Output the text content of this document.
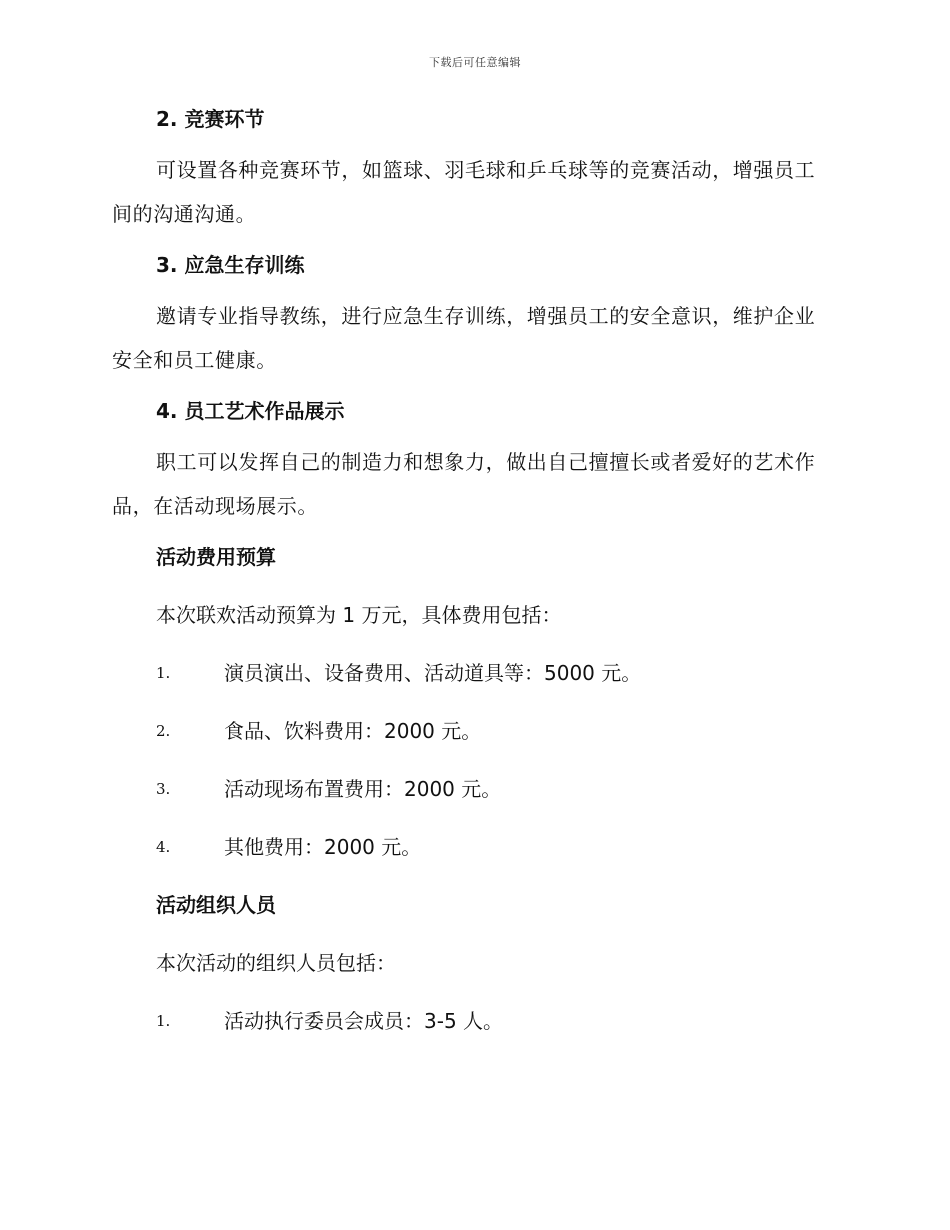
下载后可任意编辑
2. 竞赛环节

可设置各种竞赛环节，如篮球、羽毛球和乒乓球等的竞赛活动，增强员工间的沟通沟通。

3. 应急生存训练

邀请专业指导教练，进行应急生存训练，增强员工的安全意识，维护企业安全和员工健康。

4. 员工艺术作品展示

职工可以发挥自己的制造力和想象力，做出自己擅擅长或者爱好的艺术作品，在活动现场展示。

活动费用预算
本次联欢活动预算为 1 万元，具体费用包括：
1.	演员演出、设备费用、活动道具等：5000 元。
2.	食品、饮料费用：2000 元。
3.	活动现场布置费用：2000 元。
4.	其他费用：2000 元。
活动组织人员
本次活动的组织人员包括：
1.	活动执行委员会成员：3-5 人。
